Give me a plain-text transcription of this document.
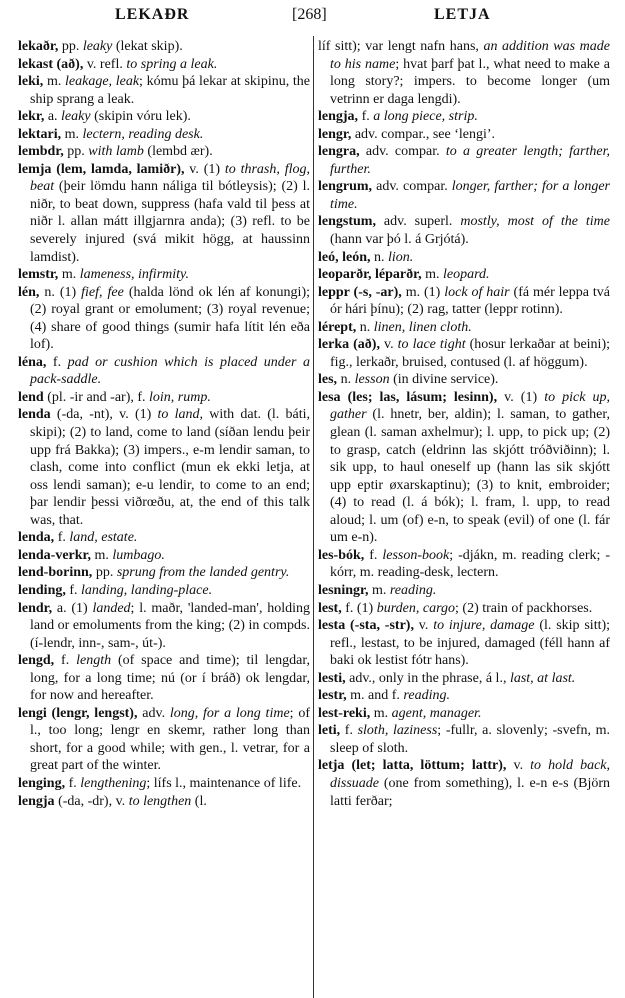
LEKAÐR	[268]	LETJA

lekaðr, pp. leaky (lekat skip).

lekast (að), v. refl. to spring a leak.

leki, m. leakage, leak; kómu þá lekar at skipinu, the ship sprang a leak.

lekr, a. leaky (skipin vóru lek).

lektari, m. lectern, reading desk.

lembdr, pp. with lamb (lembd ær).

lemja (lem, lamda, lamiðr), v. (1) to thrash, flog, beat (þeir lömdu hann náliga til bótleysis); (2) l. niðr, to beat down, suppress (hafa vald til þess at niðr l. allan mátt illgjarnra anda); (3) refl. to be severely injured (svá mikit högg, at haussinn lamdist).

lemstr, m. lameness, infirmity.

lén, n. (1) fief, fee (halda lönd ok lén af konungi); (2) royal grant or emolument; (3) royal revenue; (4) share of good things (sumir hafa lítit lén eða lof).

léna, f. pad or cushion which is placed under a pack-saddle.

lend (pl. -ir and -ar), f. loin, rump.

lenda (-da, -nt), v. (1) to land, with dat. (l. báti, skipi); (2) to land, come to land (síðan lendu þeir upp frá Bakka); (3) impers., e-m lendir saman, to clash, come into conflict (mun ek ekki letja, at oss lendi saman); e-u lendir, to come to an end; þar lendir þessi viðrœðu, at, the end of this talk was, that.

lenda, f. land, estate.

lenda-verkr, m. lumbago.

lend-borinn, pp. sprung from the landed gentry.

lending, f. landing, landing-place.

lendr, a. (1) landed; l. maðr, 'landed-man', holding land or emoluments from the king; (2) in compds. (í-lendr, inn-, sam-, út-).

lengd, f. length (of space and time); til lengdar, long, for a long time; nú (or í bráð) ok lengdar, for now and hereafter.

lengi (lengr, lengst), adv. long, for a long time; of l., too long; lengr en skemr, rather long than short, for a good while; with gen., l. vetrar, for a great part of the winter.

lenging, f. lengthening; lífs l., maintenance of life.

lengja (-da, -dr), v. to lengthen (l.

líf sitt); var lengt nafn hans, an addition was made to his name; hvat þarf þat l., what need to make a long story?; impers. to become longer (um vetrinn er daga lengdi).

lengja, f. a long piece, strip.

lengr, adv. compar., see ‘lengi’.

lengra, adv. compar. to a greater length; farther, further.

lengrum, adv. compar. longer, farther; for a longer time.

lengstum, adv. superl. mostly, most of the time (hann var þó l. á Grjótá).

leó, león, n. lion.

leoparðr, léparðr, m. leopard.

leppr (-s, -ar), m. (1) lock of hair (fá mér leppa tvá ór hári þínu); (2) rag, tatter (leppr rotinn).

lérept, n. linen, linen cloth.

lerka (að), v. to lace tight (hosur lerkaðar at beini); fig., lerkaðr, bruised, contused (l. af höggum).

les, n. lesson (in divine service).

lesa (les; las, lásum; lesinn), v. (1) to pick up, gather (l. hnetr, ber, aldin); l. saman, to gather, glean (l. saman axhelmur); l. upp, to pick up; (2) to grasp, catch (eldrinn las skjótt tróðviðinn); l. sik upp, to haul oneself up (hann las sik skjótt upp eptir øxarskaptinu); (3) to knit, embroider; (4) to read (l. á bók); l. fram, l. upp, to read aloud; l. um (of) e-n, to speak (evil) of one (l. fár um e-n).

les-bók, f. lesson-book; -djákn, m. reading clerk; -kórr, m. reading-desk, lectern.

lesningr, m. reading.

lest, f. (1) burden, cargo; (2) train of packhorses.

lesta (-sta, -str), v. to injure, damage (l. skip sitt); refl., lestast, to be injured, damaged (féll hann af baki ok lestist fótr hans).

lesti, adv., only in the phrase, á l., last, at last.

lestr, m. and f. reading.

lest-reki, m. agent, manager.

leti, f. sloth, laziness; -fullr, a. slovenly; -svefn, m. sleep of sloth.

letja (let; latta, löttum; lattr), v. to hold back, dissuade (one from something), l. e-n e-s (Björn latti ferðar;
